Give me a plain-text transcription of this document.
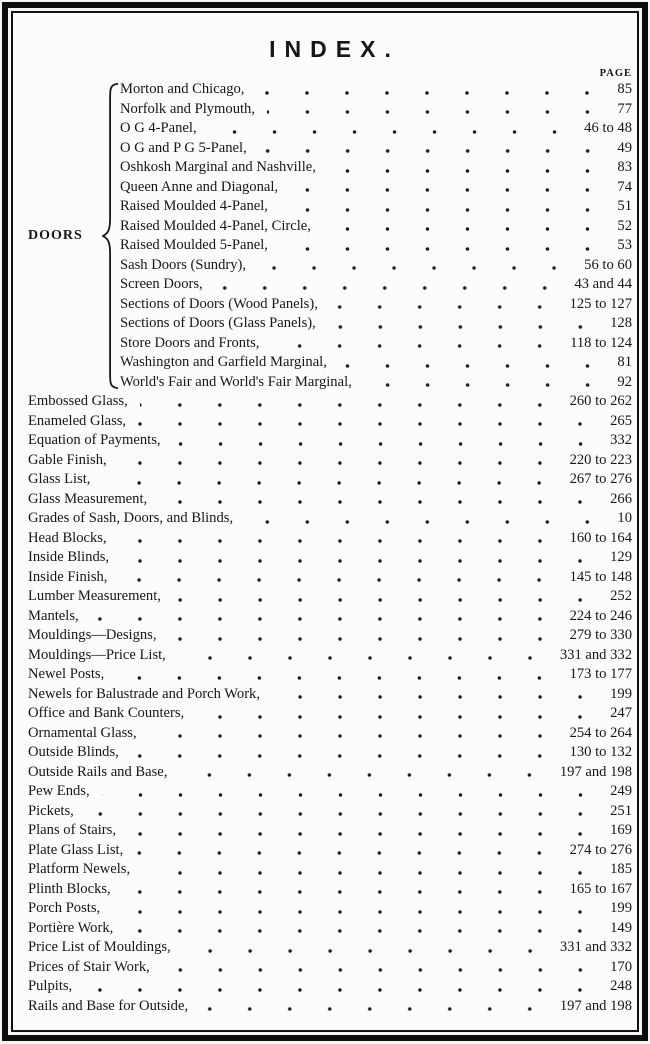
INDEX.
PAGE
DOORS
Morton and Chicago,	85
Norfolk and Plymouth,	77
O G 4-Panel,	46 to 48
O G and P G 5-Panel,	49
Oshkosh Marginal and Nashville,	83
Queen Anne and Diagonal,	74
Raised Moulded 4-Panel,	51
Raised Moulded 4-Panel, Circle,	52
Raised Moulded 5-Panel,	53
Sash Doors (Sundry),	56 to 60
Screen Doors,	43 and 44
Sections of Doors (Wood Panels),	125 to 127
Sections of Doors (Glass Panels),	128
Store Doors and Fronts,	118 to 124
Washington and Garfield Marginal,	81
World's Fair and World's Fair Marginal,	92
Embossed Glass,	260 to 262
Enameled Glass,	265
Equation of Payments,	332
Gable Finish,	220 to 223
Glass List,	267 to 276
Glass Measurement,	266
Grades of Sash, Doors, and Blinds,	10
Head Blocks,	160 to 164
Inside Blinds,	129
Inside Finish,	145 to 148
Lumber Measurement,	252
Mantels,	224 to 246
Mouldings—Designs,	279 to 330
Mouldings—Price List,	331 and 332
Newel Posts,	173 to 177
Newels for Balustrade and Porch Work,	199
Office and Bank Counters,	247
Ornamental Glass,	254 to 264
Outside Blinds,	130 to 132
Outside Rails and Base,	197 and 198
Pew Ends,	249
Pickets,	251
Plans of Stairs,	169
Plate Glass List,	274 to 276
Platform Newels,	185
Plinth Blocks,	165 to 167
Porch Posts,	199
Portière Work,	149
Price List of Mouldings,	331 and 332
Prices of Stair Work,	170
Pulpits,	248
Rails and Base for Outside,	197 and 198
